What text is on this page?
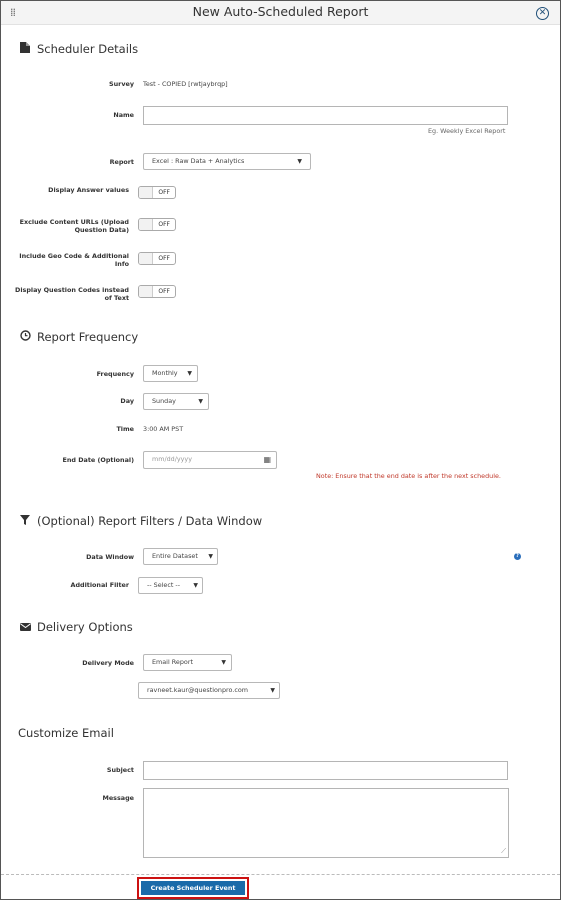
⁞⁞	New Auto-Scheduled Report	✕
Scheduler Details
Survey Test - COPIED [rwtjaybrqp]
Name
Eg. Weekly Excel Report
Report	Excel : Raw Data + Analytics	▼
Display Answer values	OFF
Exclude Content URLs (Upload Question Data)
OFF
Include Geo Code & Additional Info
OFF
Display Question Codes instead of Text
OFF
Report Frequency
Frequency	Monthly ▼
Day	Sunday	▼
Time 3:00 AM PST
End Date (Optional)	mm/dd/yyyy	▦
Note: Ensure that the end date is after the next schedule.
(Optional) Report Filters / Data Window
Data Window	Entire Dataset ▼	?
Additional Filter	-- Select -- ▼
Delivery Options
Delivery Mode	Email Report	▼
ravneet.kaur@questionpro.com	▼
Customize Email
Subject
Message
⟋
Create Scheduler Event
